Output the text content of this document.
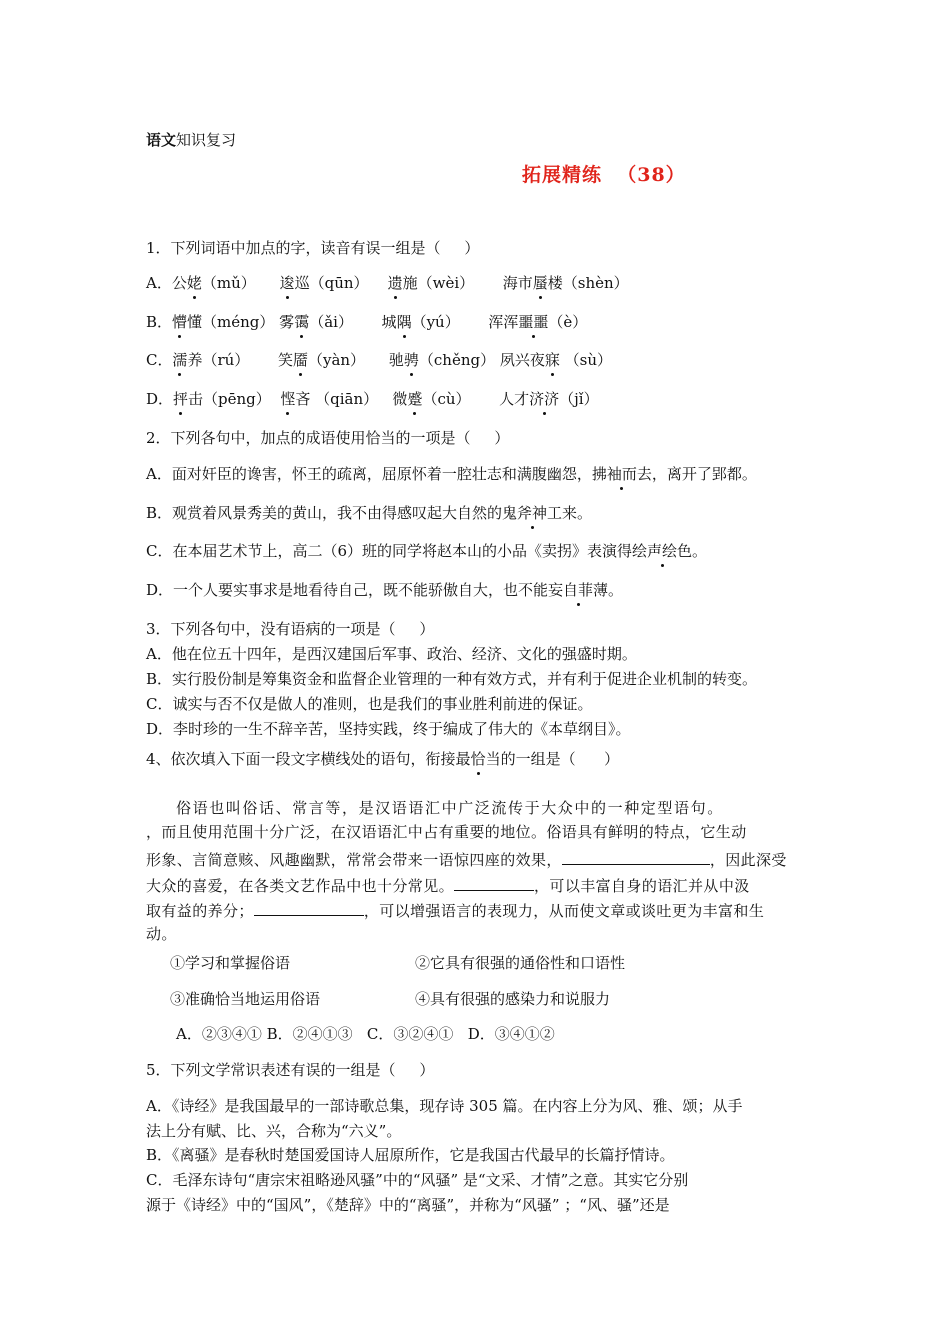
语文知识复习
拓展精练  （38）
1．下列词语中加点的字，读音有误一组是（     ）
A．公姥（mǔ）     逡巡（qūn）    遗施（wèi）      海市蜃楼（shèn）
B．懵懂（méng） 雾霭（ǎi）      城隅（yú）      浑浑噩噩（è）
C．濡养（rú）      笑靥（yàn）     驰骋（chěng） 夙兴夜寐 （sù）
D．抨击（pēng）  悭吝 （qiān）   微蹙（cù）      人才济济（jǐ）
2．下列各句中，加点的成语使用恰当的一项是（     ）
A．面对奸臣的谗害，怀王的疏离，屈原怀着一腔壮志和满腹幽怨，拂袖而去，离开了郢都。
B．观赏着风景秀美的黄山，我不由得感叹起大自然的鬼斧神工来。
C．在本届艺术节上，高二（6）班的同学将赵本山的小品《卖拐》表演得绘声绘色。
D．一个人要实事求是地看待自己，既不能骄傲自大，也不能妄自菲薄。
3．下列各句中，没有语病的一项是（     ）
A．他在位五十四年，是西汉建国后军事、政治、经济、文化的强盛时期。
B．实行股份制是筹集资金和监督企业管理的一种有效方式，并有利于促进企业机制的转变。
C．诚实与否不仅是做人的准则，也是我们的事业胜利前进的保证。
D．李时珍的一生不辞辛苦，坚持实践，终于编成了伟大的《本草纲目》。
4、依次填入下面一段文字横线处的语句，衔接最恰当的一组是（      ）
俗语也叫俗话、常言等，是汉语语汇中广泛流传于大众中的一种定型语句。
，而且使用范围十分广泛，在汉语语汇中占有重要的地位。俗语具有鲜明的特点，它生动
形象、言简意赅、风趣幽默，常常会带来一语惊四座的效果，	，因此深受
大众的喜爱，在各类文艺作品中也十分常见。	，可以丰富自身的语汇并从中汲
取有益的养分；	，可以增强语言的表现力，从而使文章或谈吐更为丰富和生
动。
①学习和掌握俗语	②它具有很强的通俗性和口语性
③准确恰当地运用俗语	④具有很强的感染力和说服力
A．②③④① B．②④①③   C．③②④①   D．③④①②
5．下列文学常识表述有误的一组是（     ）
A．《诗经》是我国最早的一部诗歌总集，现存诗 305 篇。在内容上分为风、雅、颂；从手
法上分有赋、比、兴，合称为“六义”。
B．《离骚》是春秋时楚国爱国诗人屈原所作，它是我国古代最早的长篇抒情诗。
C．毛泽东诗句“唐宗宋祖略逊风骚”中的“风骚” 是“文采、才情”之意。其实它分别
源于《诗经》中的“国风”，《楚辞》中的“离骚”，并称为“风骚” ；“风、骚”还是
